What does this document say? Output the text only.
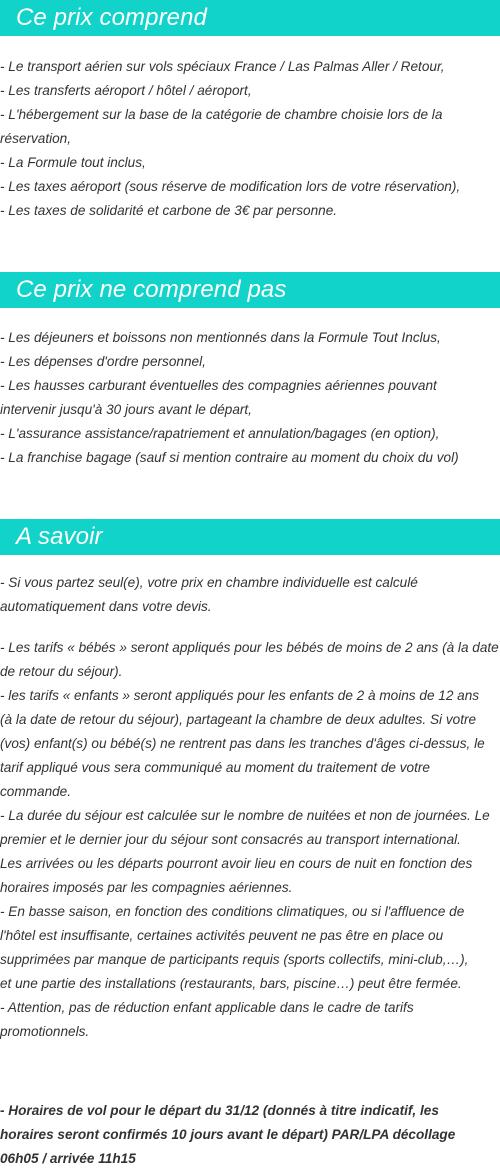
Ce prix comprend
- Le transport aérien sur vols spéciaux France / Las Palmas Aller / Retour,
- Les transferts aéroport / hôtel / aéroport,
- L'hébergement sur la base de la catégorie de chambre choisie lors de la
réservation,
- La Formule tout inclus,
- Les taxes aéroport (sous réserve de modification lors de votre réservation),
- Les taxes de solidarité et carbone de 3€ par personne.
Ce prix ne comprend pas
- Les déjeuners et boissons non mentionnés dans la Formule Tout Inclus,
- Les dépenses d'ordre personnel,
- Les hausses carburant éventuelles des compagnies aériennes pouvant
intervenir jusqu'à 30 jours avant le départ,
- L'assurance assistance/rapatriement et annulation/bagages (en option),
- La franchise bagage (sauf si mention contraire au moment du choix du vol)
A savoir
- Si vous partez seul(e), votre prix en chambre individuelle est calculé
automatiquement dans votre devis.
- Les tarifs « bébés » seront appliqués pour les bébés de moins de 2 ans (à la date
de retour du séjour).
- les tarifs « enfants » seront appliqués pour les enfants de 2 à moins de 12 ans
(à la date de retour du séjour), partageant la chambre de deux adultes. Si votre
(vos) enfant(s) ou bébé(s) ne rentrent pas dans les tranches d'âges ci-dessus, le
tarif appliqué vous sera communiqué au moment du traitement de votre
commande.
- La durée du séjour est calculée sur le nombre de nuitées et non de journées. Le
premier et le dernier jour du séjour sont consacrés au transport international.
Les arrivées ou les départs pourront avoir lieu en cours de nuit en fonction des
horaires imposés par les compagnies aériennes.
- En basse saison, en fonction des conditions climatiques, ou si l'affluence de
l'hôtel est insuffisante, certaines activités peuvent ne pas être en place ou
supprimées par manque de participants requis (sports collectifs, mini-club,…),
et une partie des installations (restaurants, bars, piscine…) peut être fermée.
- Attention, pas de réduction enfant applicable dans le cadre de tarifs
promotionnels.
- Horaires de vol pour le départ du 31/12 (donnés à titre indicatif, les
horaires seront confirmés 10 jours avant le départ) PAR/LPA décollage
06h05 / arrivée 11h15
